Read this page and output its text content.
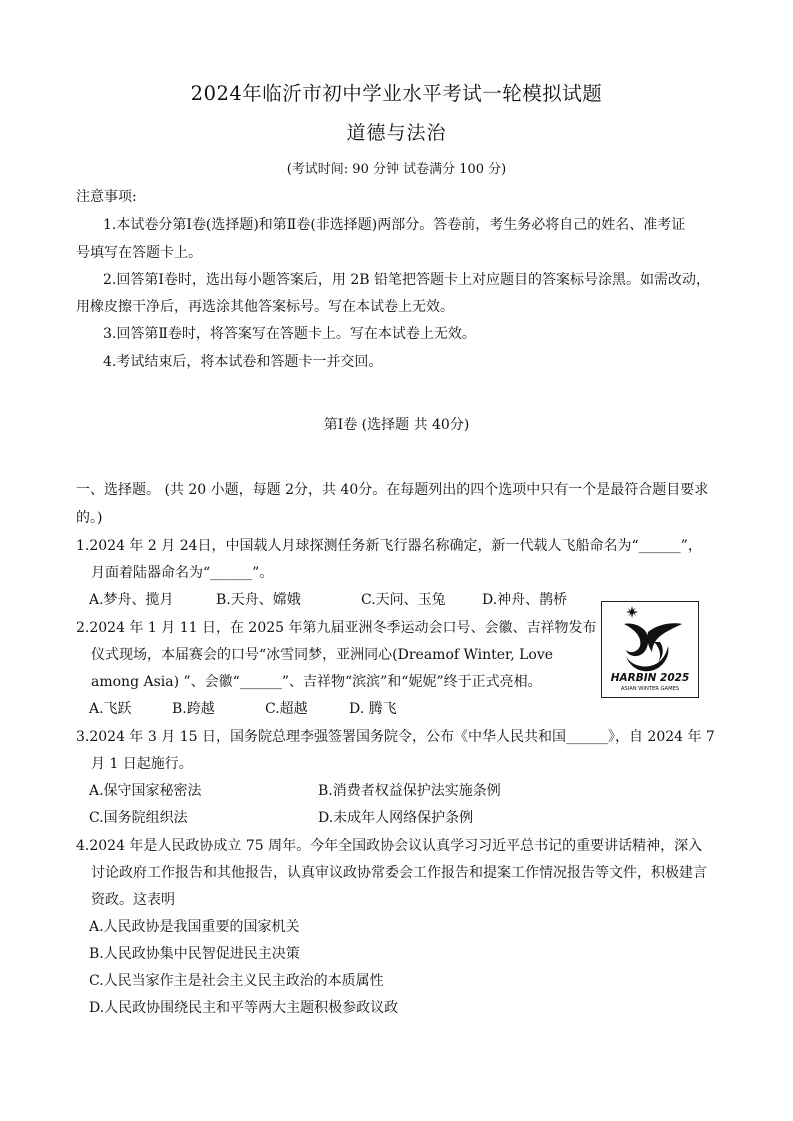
2024年临沂市初中学业水平考试一轮模拟试题
道德与法治
(考试时间: 90 分钟 试卷满分 100 分)
注意事项:
1.本试卷分第Ⅰ卷(选择题)和第Ⅱ卷(非选择题)两部分。答卷前，考生务必将自己的姓名、准考证
号填写在答题卡上。
2.回答第Ⅰ卷时，选出每小题答案后，用 2B 铅笔把答题卡上对应题目的答案标号涂黑。如需改动，
用橡皮擦干净后，再选涂其他答案标号。写在本试卷上无效。
3.回答第Ⅱ卷时，将答案写在答题卡上。写在本试卷上无效。
4.考试结束后，将本试卷和答题卡一并交回。
第Ⅰ卷 (选择题 共 40分)
一、选择题。 (共 20 小题，每题 2分，共 40分。在每题列出的四个选项中只有一个是最符合题目要求
的。)
1.2024 年 2 月 24日，中国载人月球探测任务新飞行器名称确定，新一代载人飞船命名为“______”，
月面着陆器命名为“______”。
A.梦舟、揽月	B.天舟、嫦娥	C.天问、玉兔	D.神舟、鹊桥
2.2024 年 1 月 11 日，在 2025 年第九届亚洲冬季运动会口号、会徽、吉祥物发布
仪式现场，本届赛会的口号“冰雪同梦，亚洲同心(Dreamof Winter, Love
among Asia) ”、会徽“______”、吉祥物“滨滨”和“妮妮”终于正式亮相。
A.飞跃	B.跨越	C.超越	D. 腾飞
HARBIN 2025
ASIAN WINTER GAMES
3.2024 年 3 月 15 日，国务院总理李强签署国务院令，公布《中华人民共和国______》，自 2024 年 7
月 1 日起施行。
A.保守国家秘密法	B.消费者权益保护法实施条例
C.国务院组织法	D.未成年人网络保护条例
4.2024 年是人民政协成立 75 周年。今年全国政协会议认真学习习近平总书记的重要讲话精神，深入
讨论政府工作报告和其他报告，认真审议政协常委会工作报告和提案工作情况报告等文件，积极建言
资政。这表明
A.人民政协是我国重要的国家机关
B.人民政协集中民智促进民主决策
C.人民当家作主是社会主义民主政治的本质属性
D.人民政协围绕民主和平等两大主题积极参政议政
